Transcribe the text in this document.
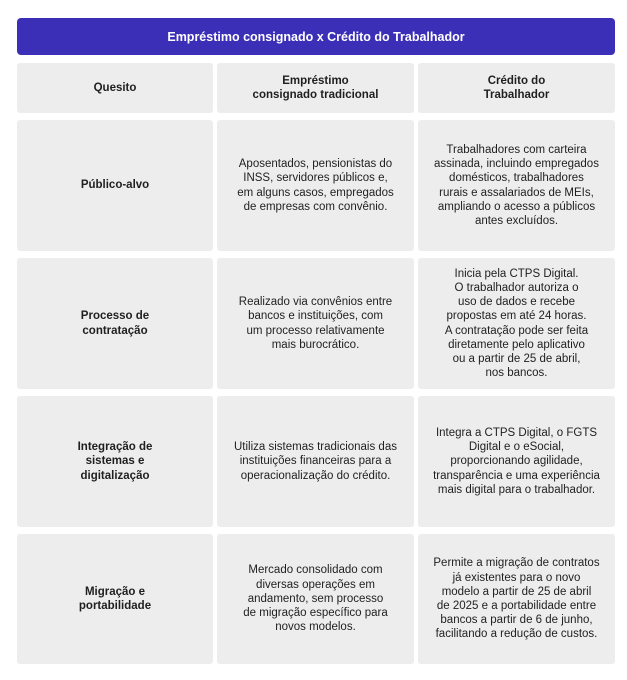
Empréstimo consignado x Crédito do Trabalhador
Quesito
Empréstimo
consignado tradicional
Crédito do
Trabalhador
Público-alvo
Aposentados, pensionistas do
INSS, servidores públicos e,
em alguns casos, empregados
de empresas com convênio.
Trabalhadores com carteira
assinada, incluindo empregados
domésticos, trabalhadores
rurais e assalariados de MEIs,
ampliando o acesso a públicos
antes excluídos.
Processo de
contratação
Realizado via convênios entre
bancos e instituições, com
um processo relativamente
mais burocrático.
Inicia pela CTPS Digital.
O trabalhador autoriza o
uso de dados e recebe
propostas em até 24 horas.
A contratação pode ser feita
diretamente pelo aplicativo
ou a partir de 25 de abril,
nos bancos.
Integração de
sistemas e
digitalização
Utiliza sistemas tradicionais das
instituições financeiras para a
operacionalização do crédito.
Integra a CTPS Digital, o FGTS
Digital e o eSocial,
proporcionando agilidade,
transparência e uma experiência
mais digital para o trabalhador.
Migração e
portabilidade
Mercado consolidado com
diversas operações em
andamento, sem processo
de migração específico para
novos modelos.
Permite a migração de contratos
já existentes para o novo
modelo a partir de 25 de abril
de 2025 e a portabilidade entre
bancos a partir de 6 de junho,
facilitando a redução de custos.
